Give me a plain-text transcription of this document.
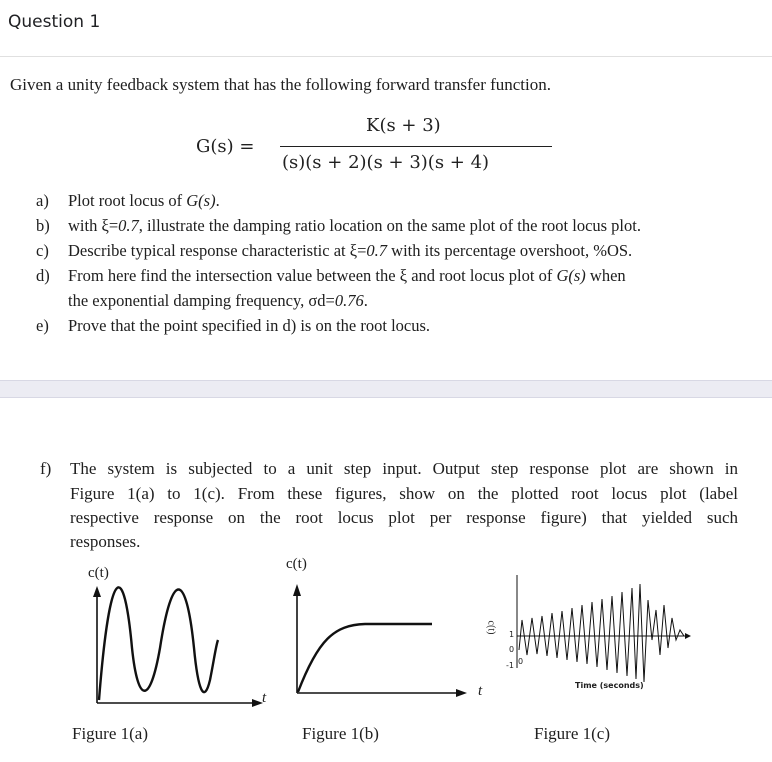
Question 1
Given a unity feedback system that has the following forward transfer function.
G(s) =
K(s + 3)
(s)(s + 2)(s + 3)(s + 4)
a) Plot root locus of G(s).
b) with ξ=0.7, illustrate the damping ratio location on the same plot of the root locus plot.
c) Describe typical response characteristic at ξ=0.7 with its percentage overshoot, %OS.
d) From here find the intersection value between the ξ and root locus plot of G(s) when
the exponential damping frequency, σd=0.76.
e) Prove that the point specified in d) is on the root locus.
f) The system is subjected to a unit step input. Output step response plot are shown in
Figure 1(a) to 1(c). From these figures, show on the plotted root locus plot (label
respective response on the root locus plot per response figure) that yielded such
responses.
c(t)
t
c(t)
t
c(t)
1
0
-1 0
Time (seconds)
Figure 1(a)	Figure 1(b)	Figure 1(c)
